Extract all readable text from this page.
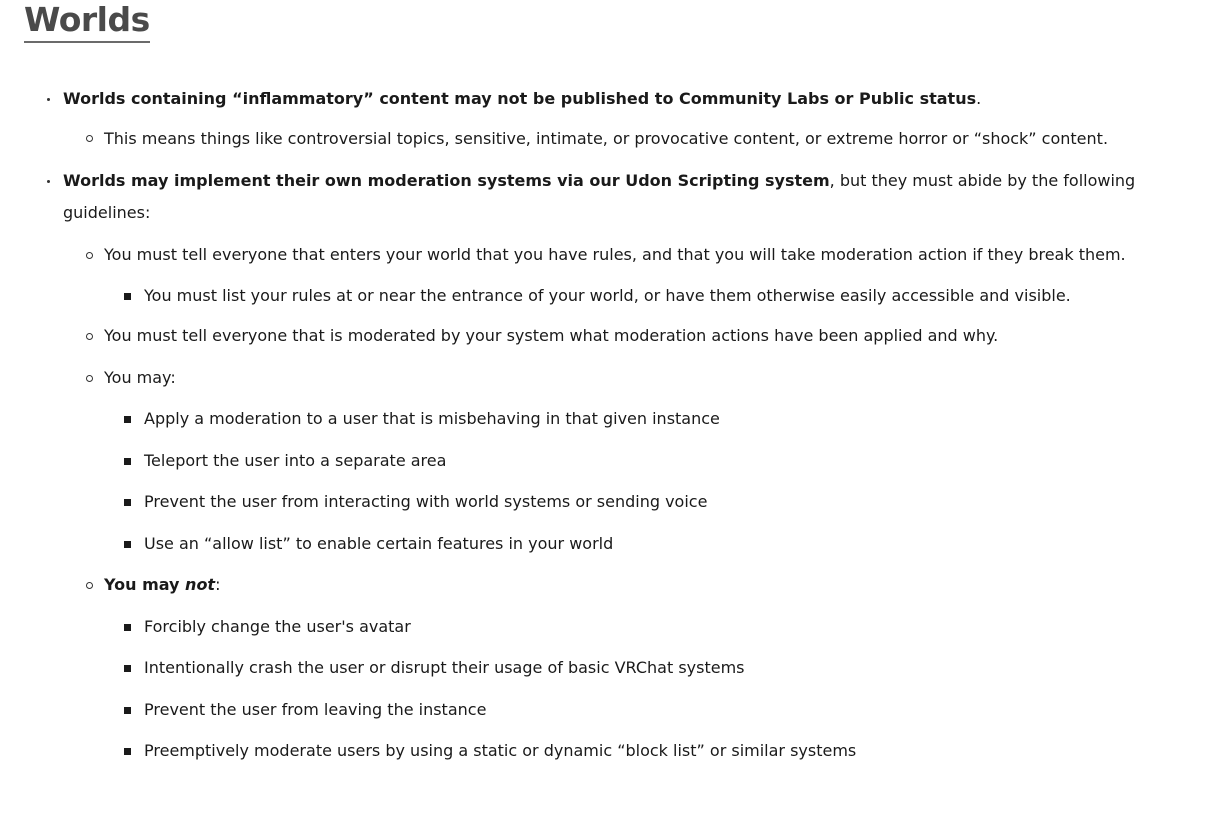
Worlds
Worlds containing “inflammatory” content may not be published to Community Labs or Public status.
This means things like controversial topics, sensitive, intimate, or provocative content, or extreme horror or “shock” content.
Worlds may implement their own moderation systems via our Udon Scripting system, but they must abide by the following
guidelines:
You must tell everyone that enters your world that you have rules, and that you will take moderation action if they break them.
You must list your rules at or near the entrance of your world, or have them otherwise easily accessible and visible.
You must tell everyone that is moderated by your system what moderation actions have been applied and why.
You may:
Apply a moderation to a user that is misbehaving in that given instance
Teleport the user into a separate area
Prevent the user from interacting with world systems or sending voice
Use an “allow list” to enable certain features in your world
You may not:
Forcibly change the user's avatar
Intentionally crash the user or disrupt their usage of basic VRChat systems
Prevent the user from leaving the instance
Preemptively moderate users by using a static or dynamic “block list” or similar systems
